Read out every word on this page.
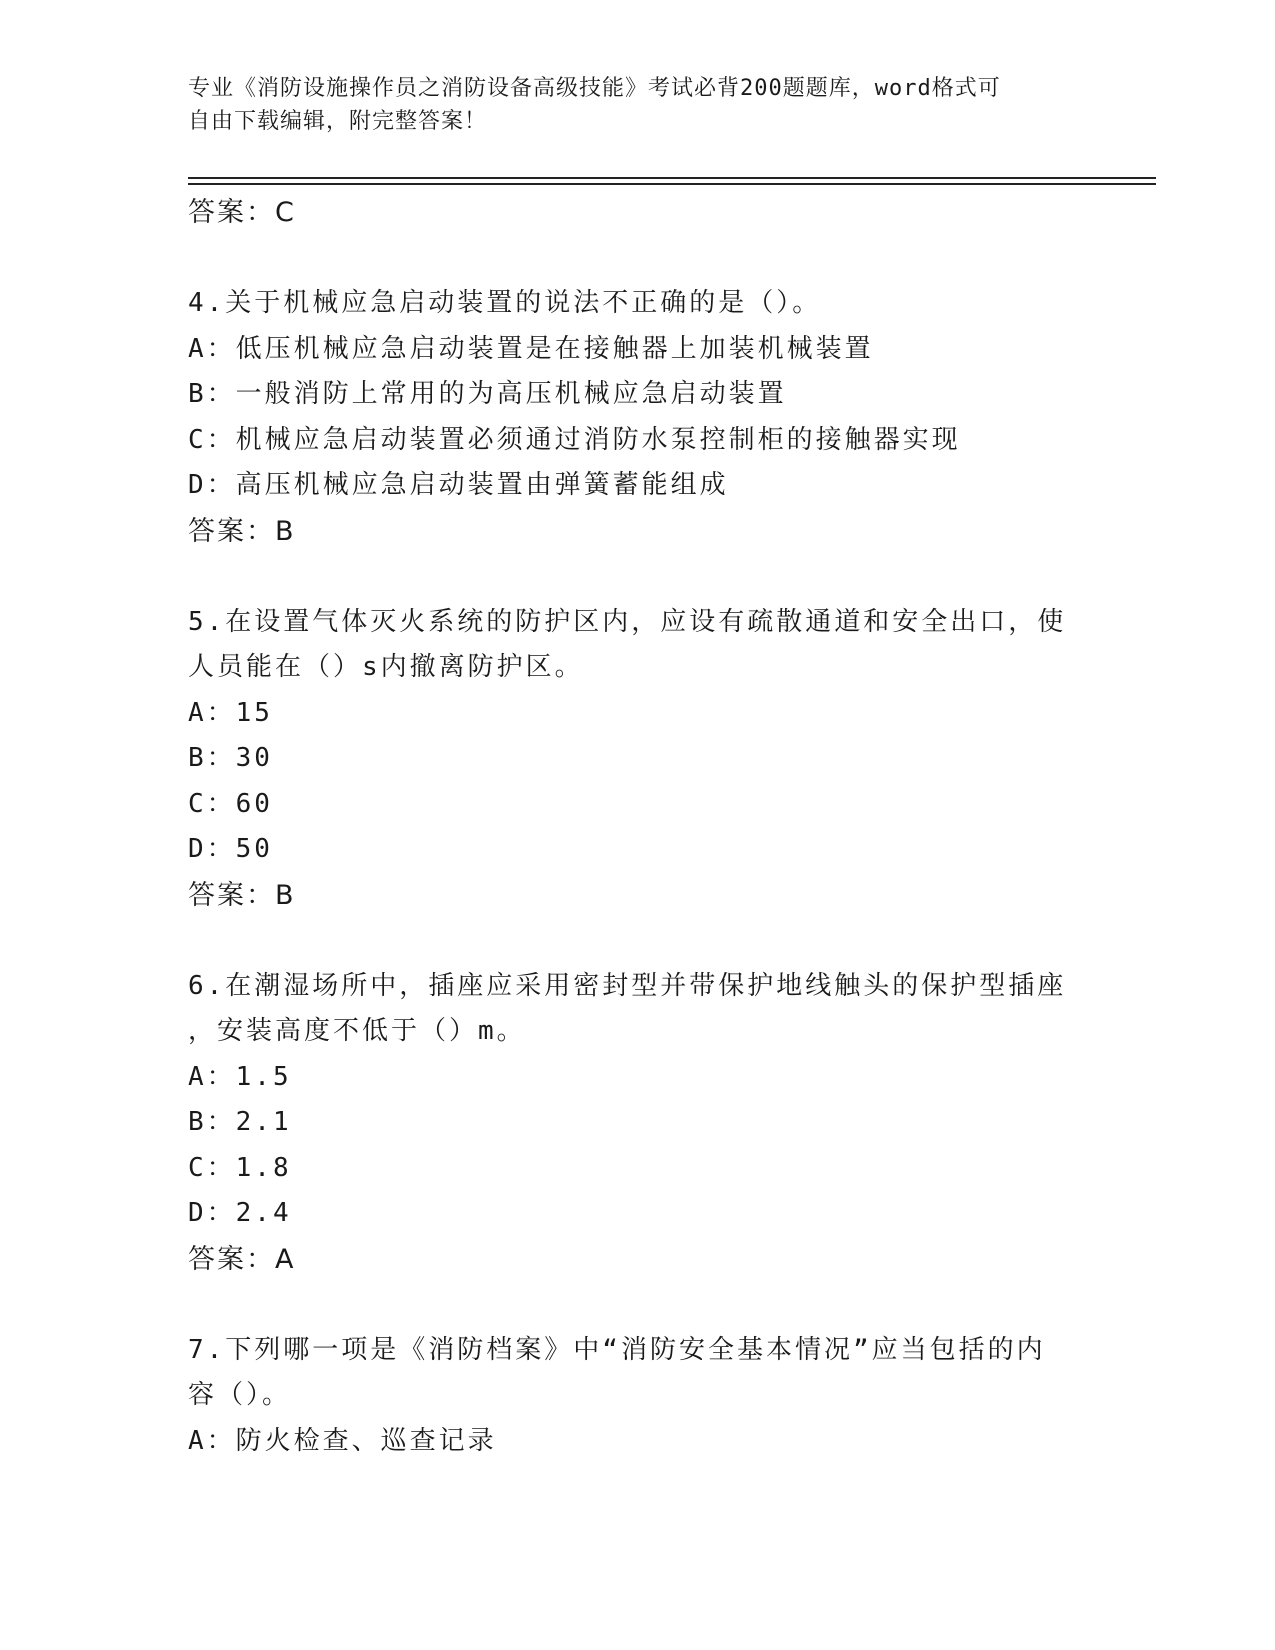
专业《消防设施操作员之消防设备高级技能》考试必背200题题库，word格式可
自由下载编辑，附完整答案！
答案：C
4.关于机械应急启动装置的说法不正确的是（）。
A：低压机械应急启动装置是在接触器上加装机械装置
B：一般消防上常用的为高压机械应急启动装置
C：机械应急启动装置必须通过消防水泵控制柜的接触器实现
D：高压机械应急启动装置由弹簧蓄能组成
答案：B
5.在设置气体灭火系统的防护区内，应设有疏散通道和安全出口，使
人员能在（）s内撤离防护区。
A：15
B：30
C：60
D：50
答案：B
6.在潮湿场所中，插座应采用密封型并带保护地线触头的保护型插座
，安装高度不低于（）m。
A：1.5
B：2.1
C：1.8
D：2.4
答案：A
7.下列哪一项是《消防档案》中“消防安全基本情况”应当包括的内
容（）。
A：防火检查、巡查记录
